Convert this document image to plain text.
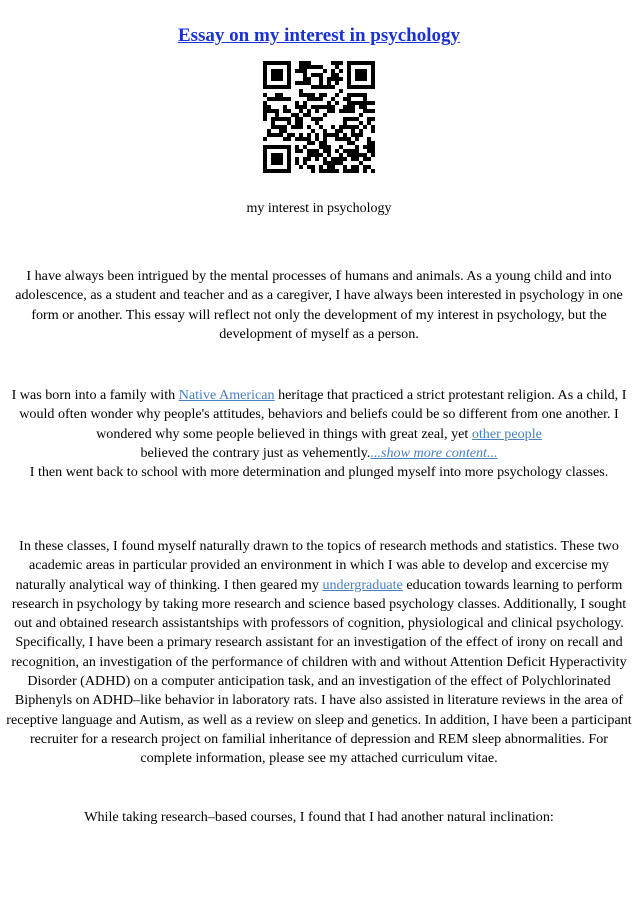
Essay on my interest in psychology
my interest in psychology

I have always been intrigued by the mental processes of humans and animals. As a young child and into adolescence, as a student and teacher and as a caregiver, I have always been interested in psychology in one form or another. This essay will reflect not only the development of my interest in psychology, but the development of myself as a person.

I was born into a family with Native American heritage that practiced a strict protestant religion. As a child, I would often wonder why people's attitudes, behaviors and beliefs could be so different from one another. I wondered why some people believed in things with great zeal, yet other people
believed the contrary just as vehemently....show more content...
I then went back to school with more determination and plunged myself into more psychology classes.

In these classes, I found myself naturally drawn to the topics of research methods and statistics. These two academic areas in particular provided an environment in which I was able to develop and excercise my naturally analytical way of thinking. I then geared my undergraduate education towards learning to perform research in psychology by taking more research and science based psychology classes. Additionally, I sought out and obtained research assistantships with professors of cognition, physiological and clinical psychology. Specifically, I have been a primary research assistant for an investigation of the effect of irony on recall and recognition, an investigation of the performance of children with and without Attention Deficit Hyperactivity Disorder (ADHD) on a computer anticipation task, and an investigation of the effect of Polychlorinated Biphenyls on ADHD–like behavior in laboratory rats. I have also assisted in literature reviews in the area of receptive language and Autism, as well as a review on sleep and genetics. In addition, I have been a participant recruiter for a research project on familial inheritance of depression and REM sleep abnormalities. For complete information, please see my attached curriculum vitae.

While taking research–based courses, I found that I had another natural inclination:
